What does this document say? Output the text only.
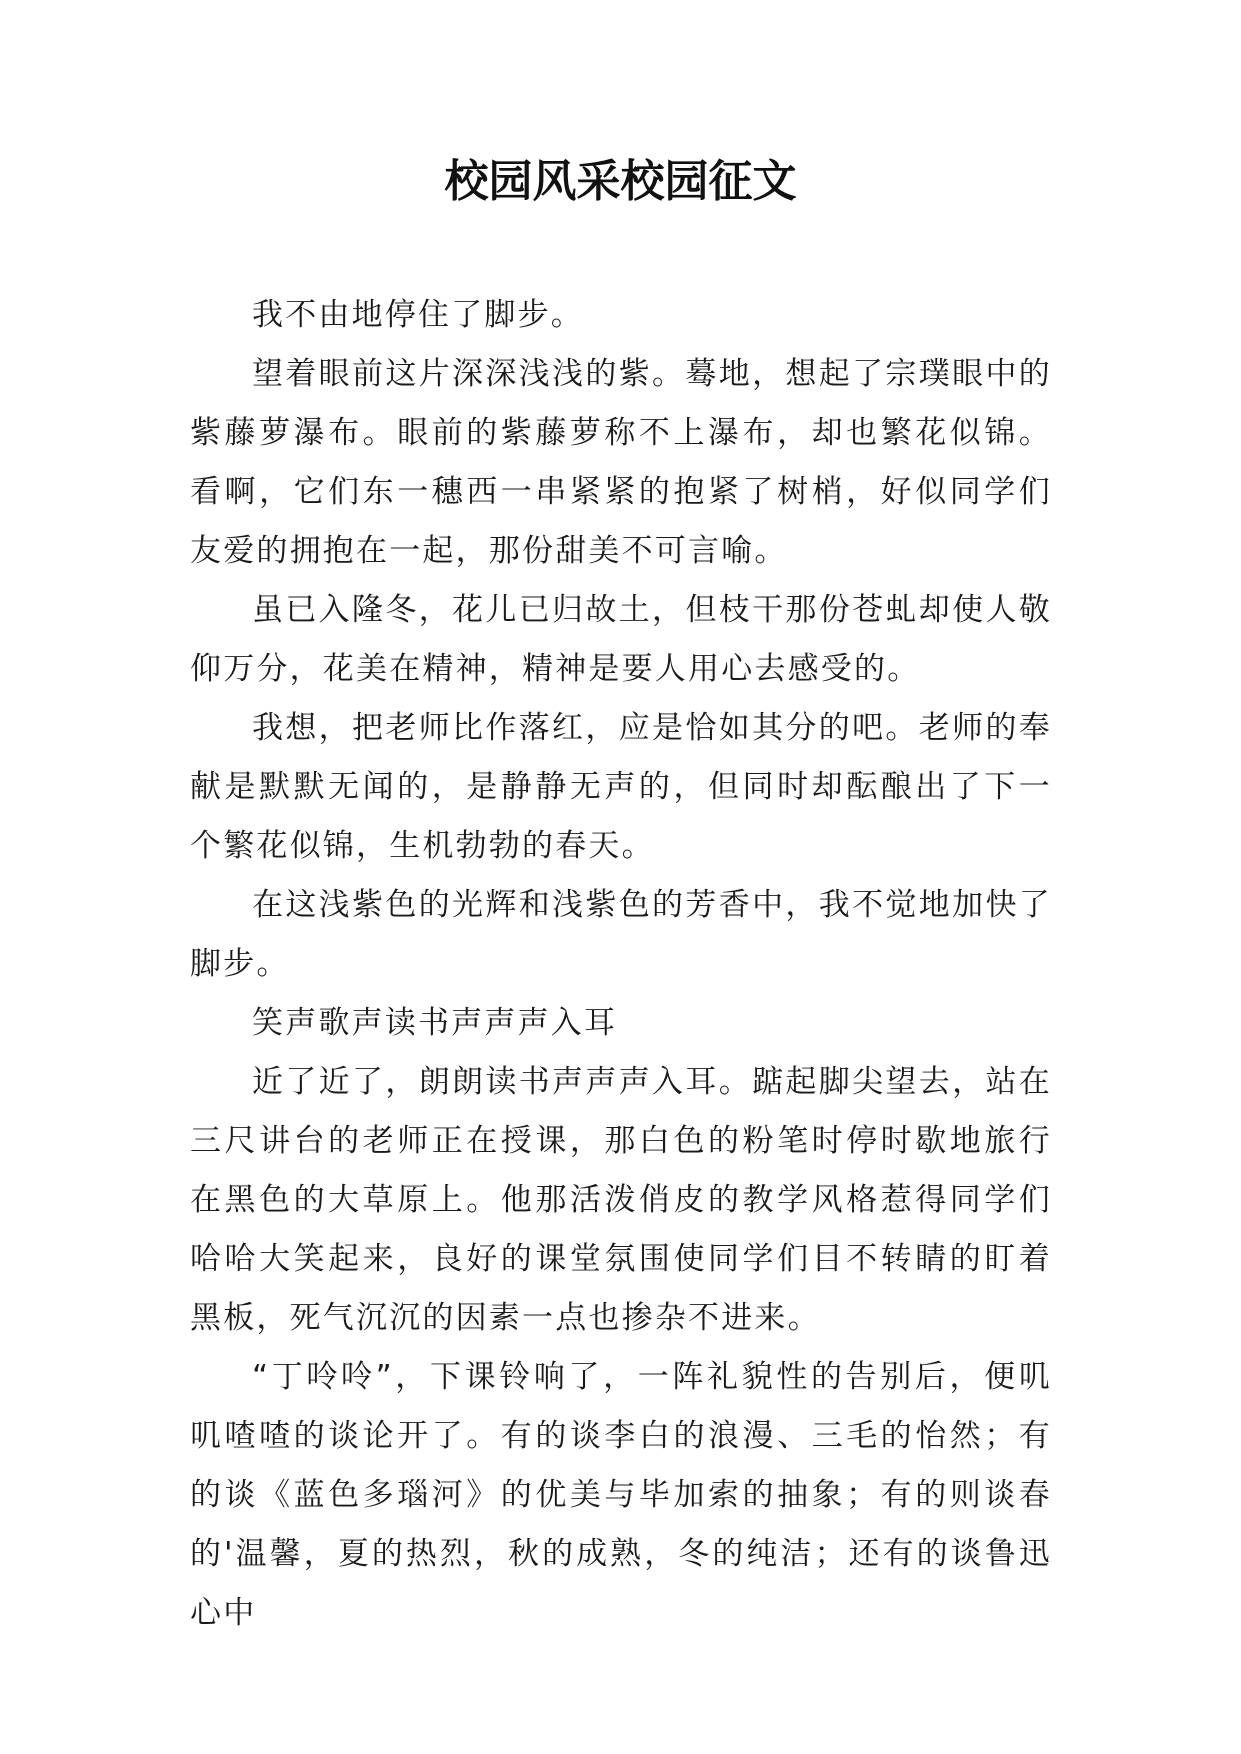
校园风采校园征文

我不由地停住了脚步。

望着眼前这片深深浅浅的紫。蓦地，想起了宗璞眼中的紫藤萝瀑布。眼前的紫藤萝称不上瀑布，却也繁花似锦。看啊，它们东一穗西一串紧紧的抱紧了树梢，好似同学们友爱的拥抱在一起，那份甜美不可言喻。

虽已入隆冬，花儿已归故土，但枝干那份苍虬却使人敬仰万分，花美在精神，精神是要人用心去感受的。

我想，把老师比作落红，应是恰如其分的吧。老师的奉献是默默无闻的，是静静无声的，但同时却酝酿出了下一个繁花似锦，生机勃勃的春天。

在这浅紫色的光辉和浅紫色的芳香中，我不觉地加快了脚步。

笑声歌声读书声声声入耳

近了近了，朗朗读书声声声入耳。踮起脚尖望去，站在三尺讲台的老师正在授课，那白色的粉笔时停时歇地旅行在黑色的大草原上。他那活泼俏皮的教学风格惹得同学们哈哈大笑起来，良好的课堂氛围使同学们目不转睛的盯着黑板，死气沉沉的因素一点也掺杂不进来。

“丁呤呤”，下课铃响了，一阵礼貌性的告别后，便叽叽喳喳的谈论开了。有的谈李白的浪漫、三毛的怡然；有的谈《蓝色多瑙河》的优美与毕加索的抽象；有的则谈春的'温馨，夏的热烈，秋的成熟，冬的纯洁；还有的谈鲁迅心中
